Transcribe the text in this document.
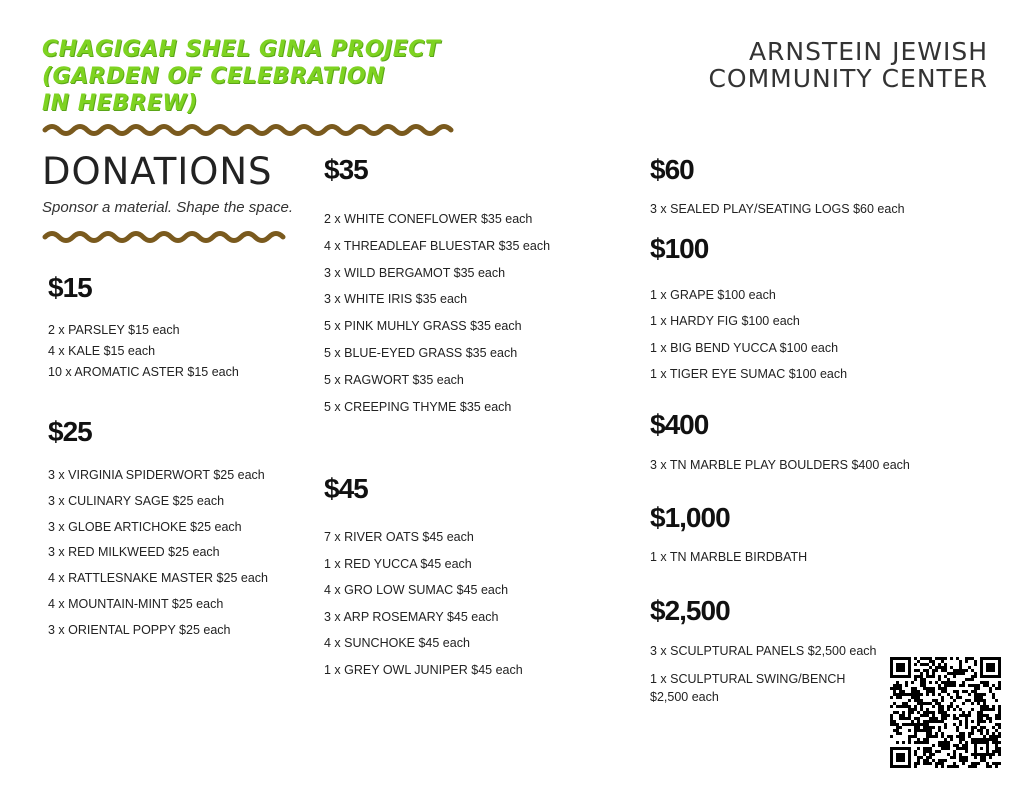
CHAGIGAH SHEL GINA PROJECT
(GARDEN OF CELEBRATION
IN HEBREW)
ARNSTEIN JEWISH
COMMUNITY CENTER
DONATIONS
Sponsor a material. Shape the space.
$15
2 x PARSLEY $15 each
4 x KALE $15 each
10 x AROMATIC ASTER $15 each
$25
3 x VIRGINIA SPIDERWORT $25 each
3 x CULINARY SAGE $25 each
3 x GLOBE ARTICHOKE $25 each
3 x RED MILKWEED $25 each
4 x RATTLESNAKE MASTER $25 each
4 x MOUNTAIN-MINT $25 each
3 x ORIENTAL POPPY $25 each
$35
2 x WHITE CONEFLOWER $35 each
4 x THREADLEAF BLUESTAR $35 each
3 x WILD BERGAMOT $35 each
3 x WHITE IRIS $35 each
5 x PINK MUHLY GRASS $35 each
5 x BLUE-EYED GRASS $35 each
5 x RAGWORT $35 each
5 x CREEPING THYME $35 each
$45
7 x RIVER OATS $45 each
1 x RED YUCCA $45 each
4 x GRO LOW SUMAC $45 each
3 x ARP ROSEMARY $45 each
4 x SUNCHOKE $45 each
1 x GREY OWL JUNIPER $45 each
$60
3 x SEALED PLAY/SEATING LOGS $60 each
$100
1 x GRAPE $100 each
1 x HARDY FIG $100 each
1 x BIG BEND YUCCA $100 each
1 x TIGER EYE SUMAC $100 each
$400
3 x TN MARBLE PLAY BOULDERS $400 each
$1,000
1 x TN MARBLE BIRDBATH
$2,500
3 x SCULPTURAL PANELS $2,500 each
1 x SCULPTURAL SWING/BENCH
$2,500 each
